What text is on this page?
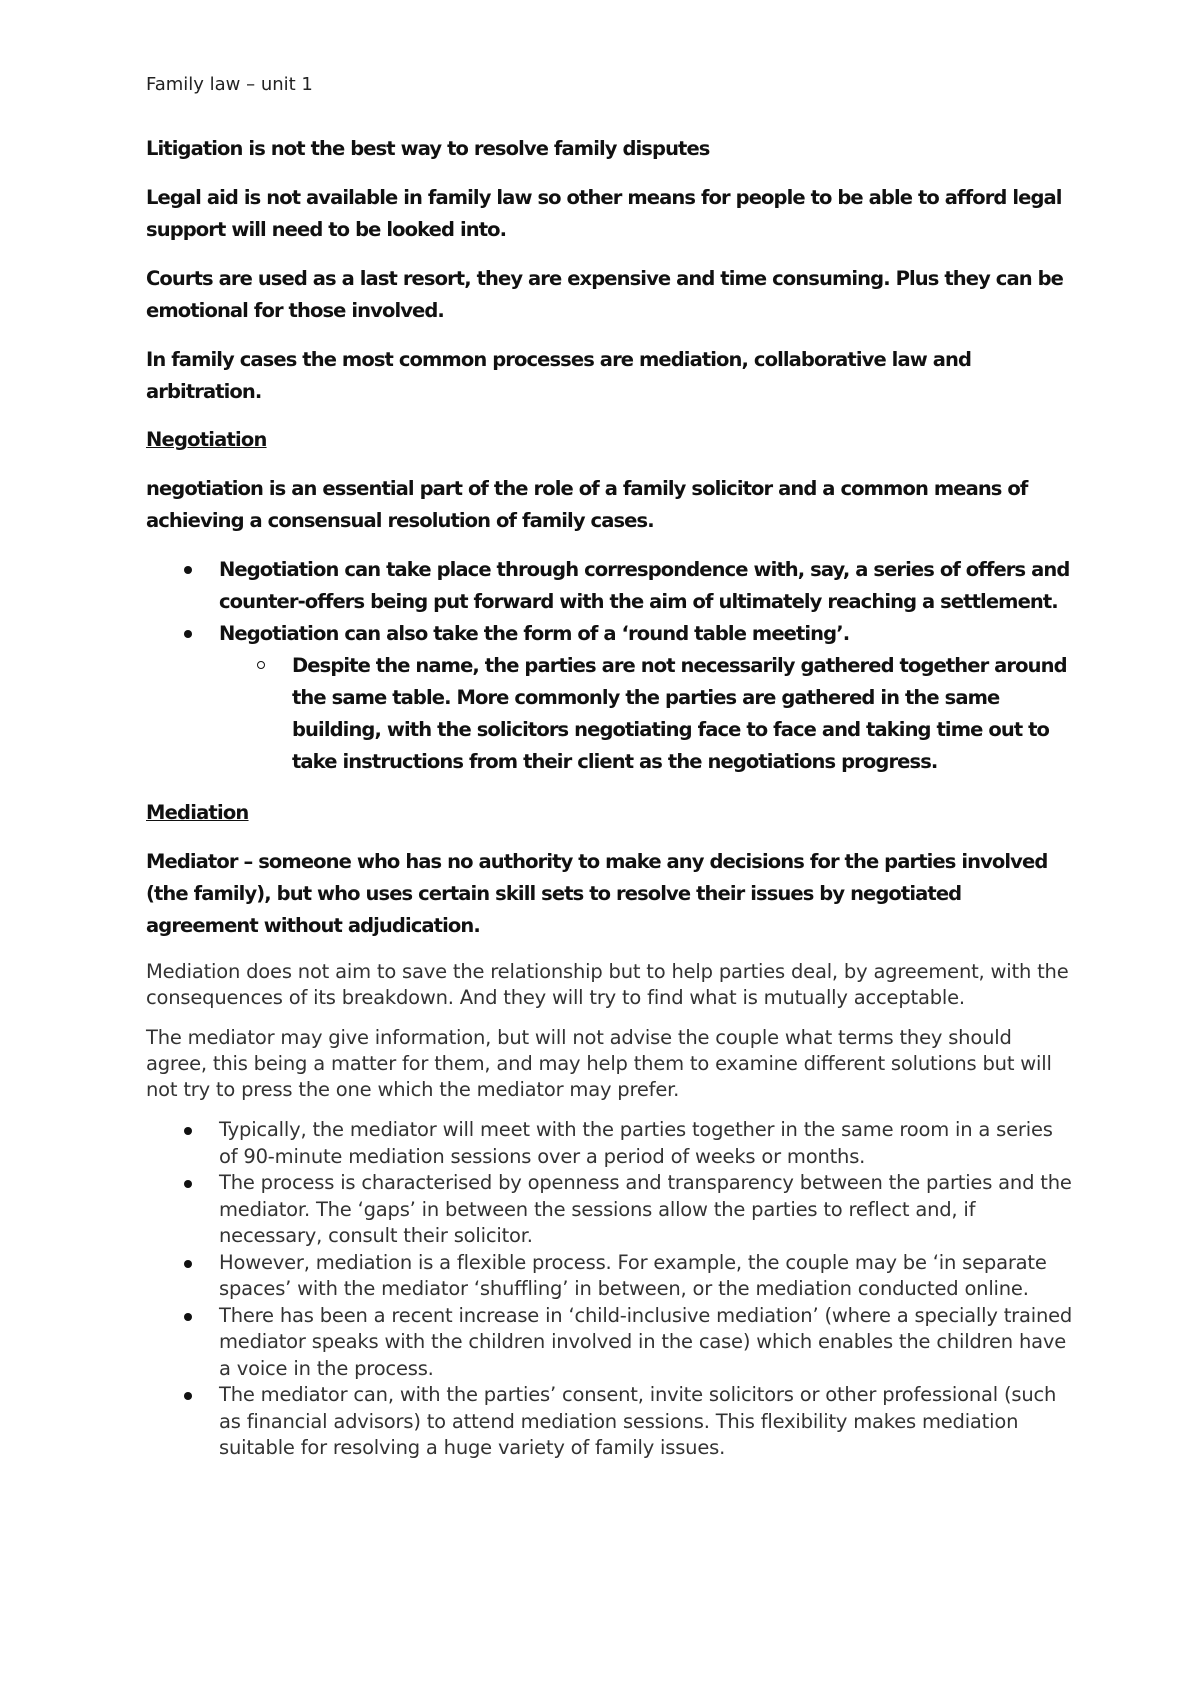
Family law – unit 1

Litigation is not the best way to resolve family disputes

Legal aid is not available in family law so other means for people to be able to afford legal support will need to be looked into.

Courts are used as a last resort, they are expensive and time consuming. Plus they can be emotional for those involved.

In family cases the most common processes are mediation, collaborative law and arbitration.

Negotiation

negotiation is an essential part of the role of a family solicitor and a common means of achieving a consensual resolution of family cases.

Negotiation can take place through correspondence with, say, a series of offers and counter-offers being put forward with the aim of ultimately reaching a settlement.
Negotiation can also take the form of a ‘round table meeting’.
Despite the name, the parties are not necessarily gathered together around the same table. More commonly the parties are gathered in the same building, with the solicitors negotiating face to face and taking time out to take instructions from their client as the negotiations progress.
Mediation

Mediator – someone who has no authority to make any decisions for the parties involved (the family), but who uses certain skill sets to resolve their issues by negotiated agreement without adjudication.

Mediation does not aim to save the relationship but to help parties deal, by agreement, with the consequences of its breakdown. And they will try to find what is mutually acceptable.

The mediator may give information, but will not advise the couple what terms they should agree, this being a matter for them, and may help them to examine different solutions but will not try to press the one which the mediator may prefer.

Typically, the mediator will meet with the parties together in the same room in a series of 90-minute mediation sessions over a period of weeks or months.
The process is characterised by openness and transparency between the parties and the mediator. The ‘gaps’ in between the sessions allow the parties to reflect and, if necessary, consult their solicitor.
However, mediation is a flexible process. For example, the couple may be ‘in separate spaces’ with the mediator ‘shuffling’ in between, or the mediation conducted online.
There has been a recent increase in ‘child-inclusive mediation’ (where a specially trained mediator speaks with the children involved in the case) which enables the children have a voice in the process.
The mediator can, with the parties’ consent, invite solicitors or other professional (such as financial advisors) to attend mediation sessions. This flexibility makes mediation suitable for resolving a huge variety of family issues.
